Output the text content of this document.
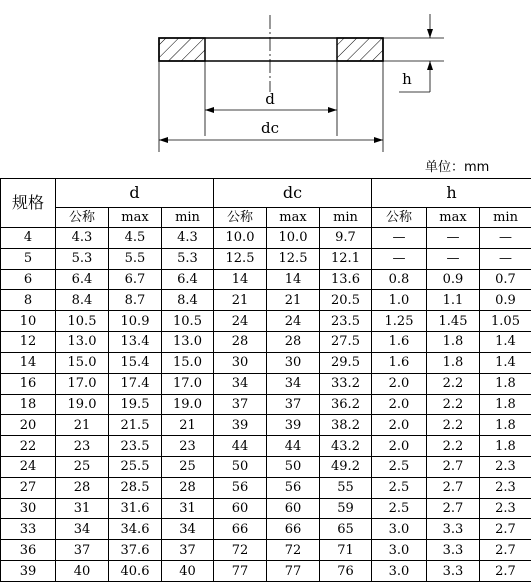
d
dc
h
单位：mm
规格	d			dc			h		
	公称	max	min	公称	max	min	公称	max	min
4	4.3	4.5	4.3	10.0	10.0	9.7	—	—	—
5	5.3	5.5	5.3	12.5	12.5	12.1	—	—	—
6	6.4	6.7	6.4	14	14	13.6	0.8	0.9	0.7
8	8.4	8.7	8.4	21	21	20.5	1.0	1.1	0.9
10	10.5	10.9	10.5	24	24	23.5	1.25	1.45	1.05
12	13.0	13.4	13.0	28	28	27.5	1.6	1.8	1.4
14	15.0	15.4	15.0	30	30	29.5	1.6	1.8	1.4
16	17.0	17.4	17.0	34	34	33.2	2.0	2.2	1.8
18	19.0	19.5	19.0	37	37	36.2	2.0	2.2	1.8
20	21	21.5	21	39	39	38.2	2.0	2.2	1.8
22	23	23.5	23	44	44	43.2	2.0	2.2	1.8
24	25	25.5	25	50	50	49.2	2.5	2.7	2.3
27	28	28.5	28	56	56	55	2.5	2.7	2.3
30	31	31.6	31	60	60	59	2.5	2.7	2.3
33	34	34.6	34	66	66	65	3.0	3.3	2.7
36	37	37.6	37	72	72	71	3.0	3.3	2.7
39	40	40.6	40	77	77	76	3.0	3.3	2.7
